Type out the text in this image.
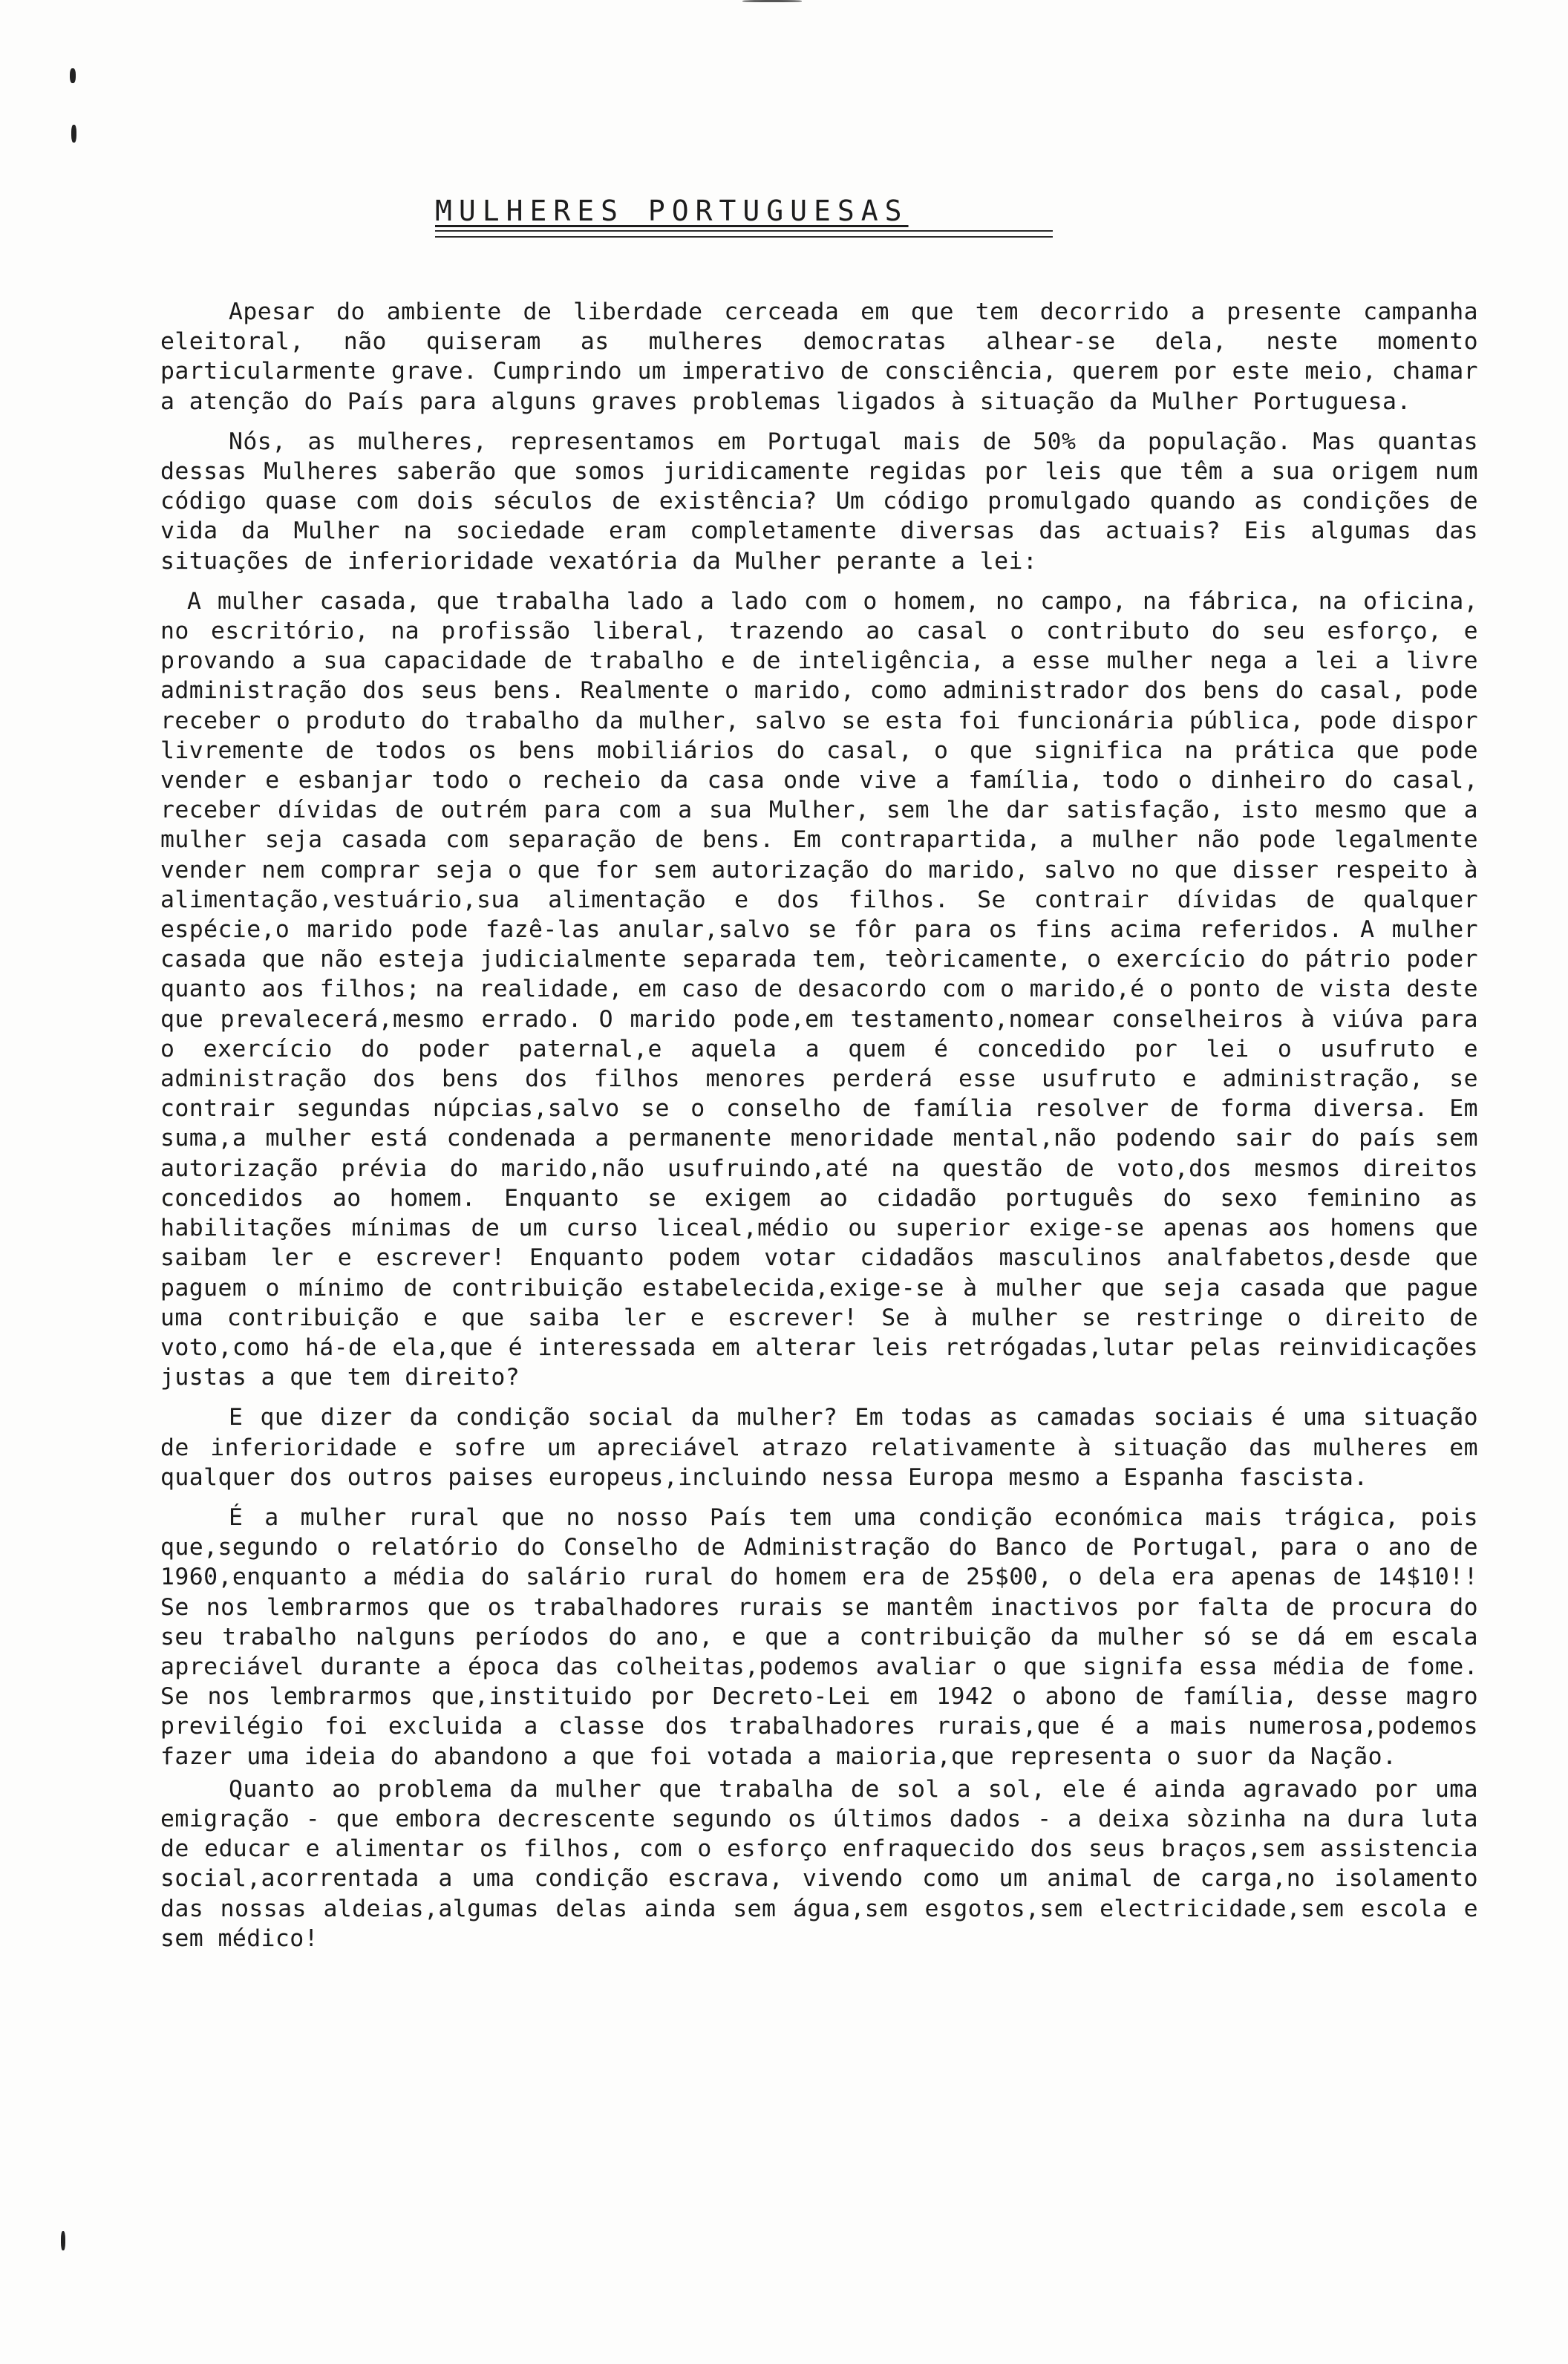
MULHERES PORTUGUESAS

Apesar do ambiente de liberdade cerceada em que tem decorrido a presente campanha eleitoral, não quiseram as mulheres democratas alhear-se dela, neste momento particularmente grave. Cumprindo um imperativo de consciência, querem por este meio, chamar a atenção do País para alguns graves problemas ligados à situação da Mulher Portuguesa.

Nós, as mulheres, representamos em Portugal mais de 50% da população. Mas quantas dessas Mulheres saberão que somos juridicamente regidas por leis que têm a sua origem num código quase com dois séculos de existência? Um código promulgado quando as condições de vida da Mulher na sociedade eram completamente diversas das actuais? Eis algumas das situações de inferioridade vexatória da Mulher perante a lei:

A mulher casada, que trabalha lado a lado com o homem, no campo, na fábrica, na oficina, no escritório, na profissão liberal, trazendo ao casal o contributo do seu esforço, e provando a sua capacidade de trabalho e de inteligência, a esse mulher nega a lei a livre administração dos seus bens. Realmente o marido, como administrador dos bens do casal, pode receber o produto do trabalho da mulher, salvo se esta foi funcionária pública, pode dispor livremente de todos os bens mobiliários do casal, o que significa na prática que pode vender e esbanjar todo o recheio da casa onde vive a família, todo o dinheiro do casal, receber dívidas de outrém para com a sua Mulher, sem lhe dar satisfação, isto mesmo que a mulher seja casada com separação de bens. Em contrapartida, a mulher não pode legalmente vender nem comprar seja o que for sem autorização do marido, salvo no que disser respeito à alimentação,vestuário,sua alimentação e dos filhos. Se contrair dívidas de qualquer espécie,o marido pode fazê-las anular,salvo se fôr para os fins acima referidos. A mulher casada que não esteja judicialmente separada tem, teòricamente, o exercício do pátrio poder quanto aos filhos; na realidade, em caso de desacordo com o marido,é o ponto de vista deste que prevalecerá,mesmo errado. O marido pode,em testamento,nomear conselheiros à viúva para o exercício do poder paternal,e aquela a quem é concedido por lei o usufruto e administração dos bens dos filhos menores perderá esse usufruto e administração, se contrair segundas núpcias,salvo se o conselho de família resolver de forma diversa. Em suma,a mulher está condenada a permanente menoridade mental,não podendo sair do país sem autorização prévia do marido,não usufruindo,até na questão de voto,dos mesmos direitos concedidos ao homem. Enquanto se exigem ao cidadão português do sexo feminino as habilitações mínimas de um curso liceal,médio ou superior exige-se apenas aos homens que saibam ler e escrever! Enquanto podem votar cidadãos masculinos analfabetos,desde que paguem o mínimo de contribuição estabelecida,exige-se à mulher que seja casada que pague uma contribuição e que saiba ler e escrever! Se à mulher se restringe o direito de voto,como há-de ela,que é interessada em alterar leis retrógadas,lutar pelas reinvidicações justas a que tem direito?

E que dizer da condição social da mulher? Em todas as camadas sociais é uma situação de inferioridade e sofre um apreciável atrazo relativamente à situação das mulheres em qualquer dos outros paises europeus,incluindo nessa Europa mesmo a Espanha fascista.

É a mulher rural que no nosso País tem uma condição económica mais trágica, pois que,segundo o relatório do Conselho de Administração do Banco de Portugal, para o ano de 1960,enquanto a média do salário rural do homem era de 25$00, o dela era apenas de 14$10!! Se nos lembrarmos que os trabalhadores rurais se mantêm inactivos por falta de procura do seu trabalho nalguns períodos do ano, e que a contribuição da mulher só se dá em escala apreciável durante a época das colheitas,podemos avaliar o que signifa essa média de fome. Se nos lembrarmos que,instituido por Decreto-Lei em 1942 o abono de família, desse magro previlégio foi excluida a classe dos trabalhadores rurais,que é a mais numerosa,podemos fazer uma ideia do abandono a que foi votada a maioria,que representa o suor da Nação.

Quanto ao problema da mulher que trabalha de sol a sol, ele é ainda agravado por uma emigração - que embora decrescente segundo os últimos dados - a deixa sòzinha na dura luta de educar e alimentar os filhos, com o esforço enfraquecido dos seus braços,sem assistencia social,acorrentada a uma condição escrava, vivendo como um animal de carga,no isolamento das nossas aldeias,algumas delas ainda sem água,sem esgotos,sem electricidade,sem escola e sem médico!
